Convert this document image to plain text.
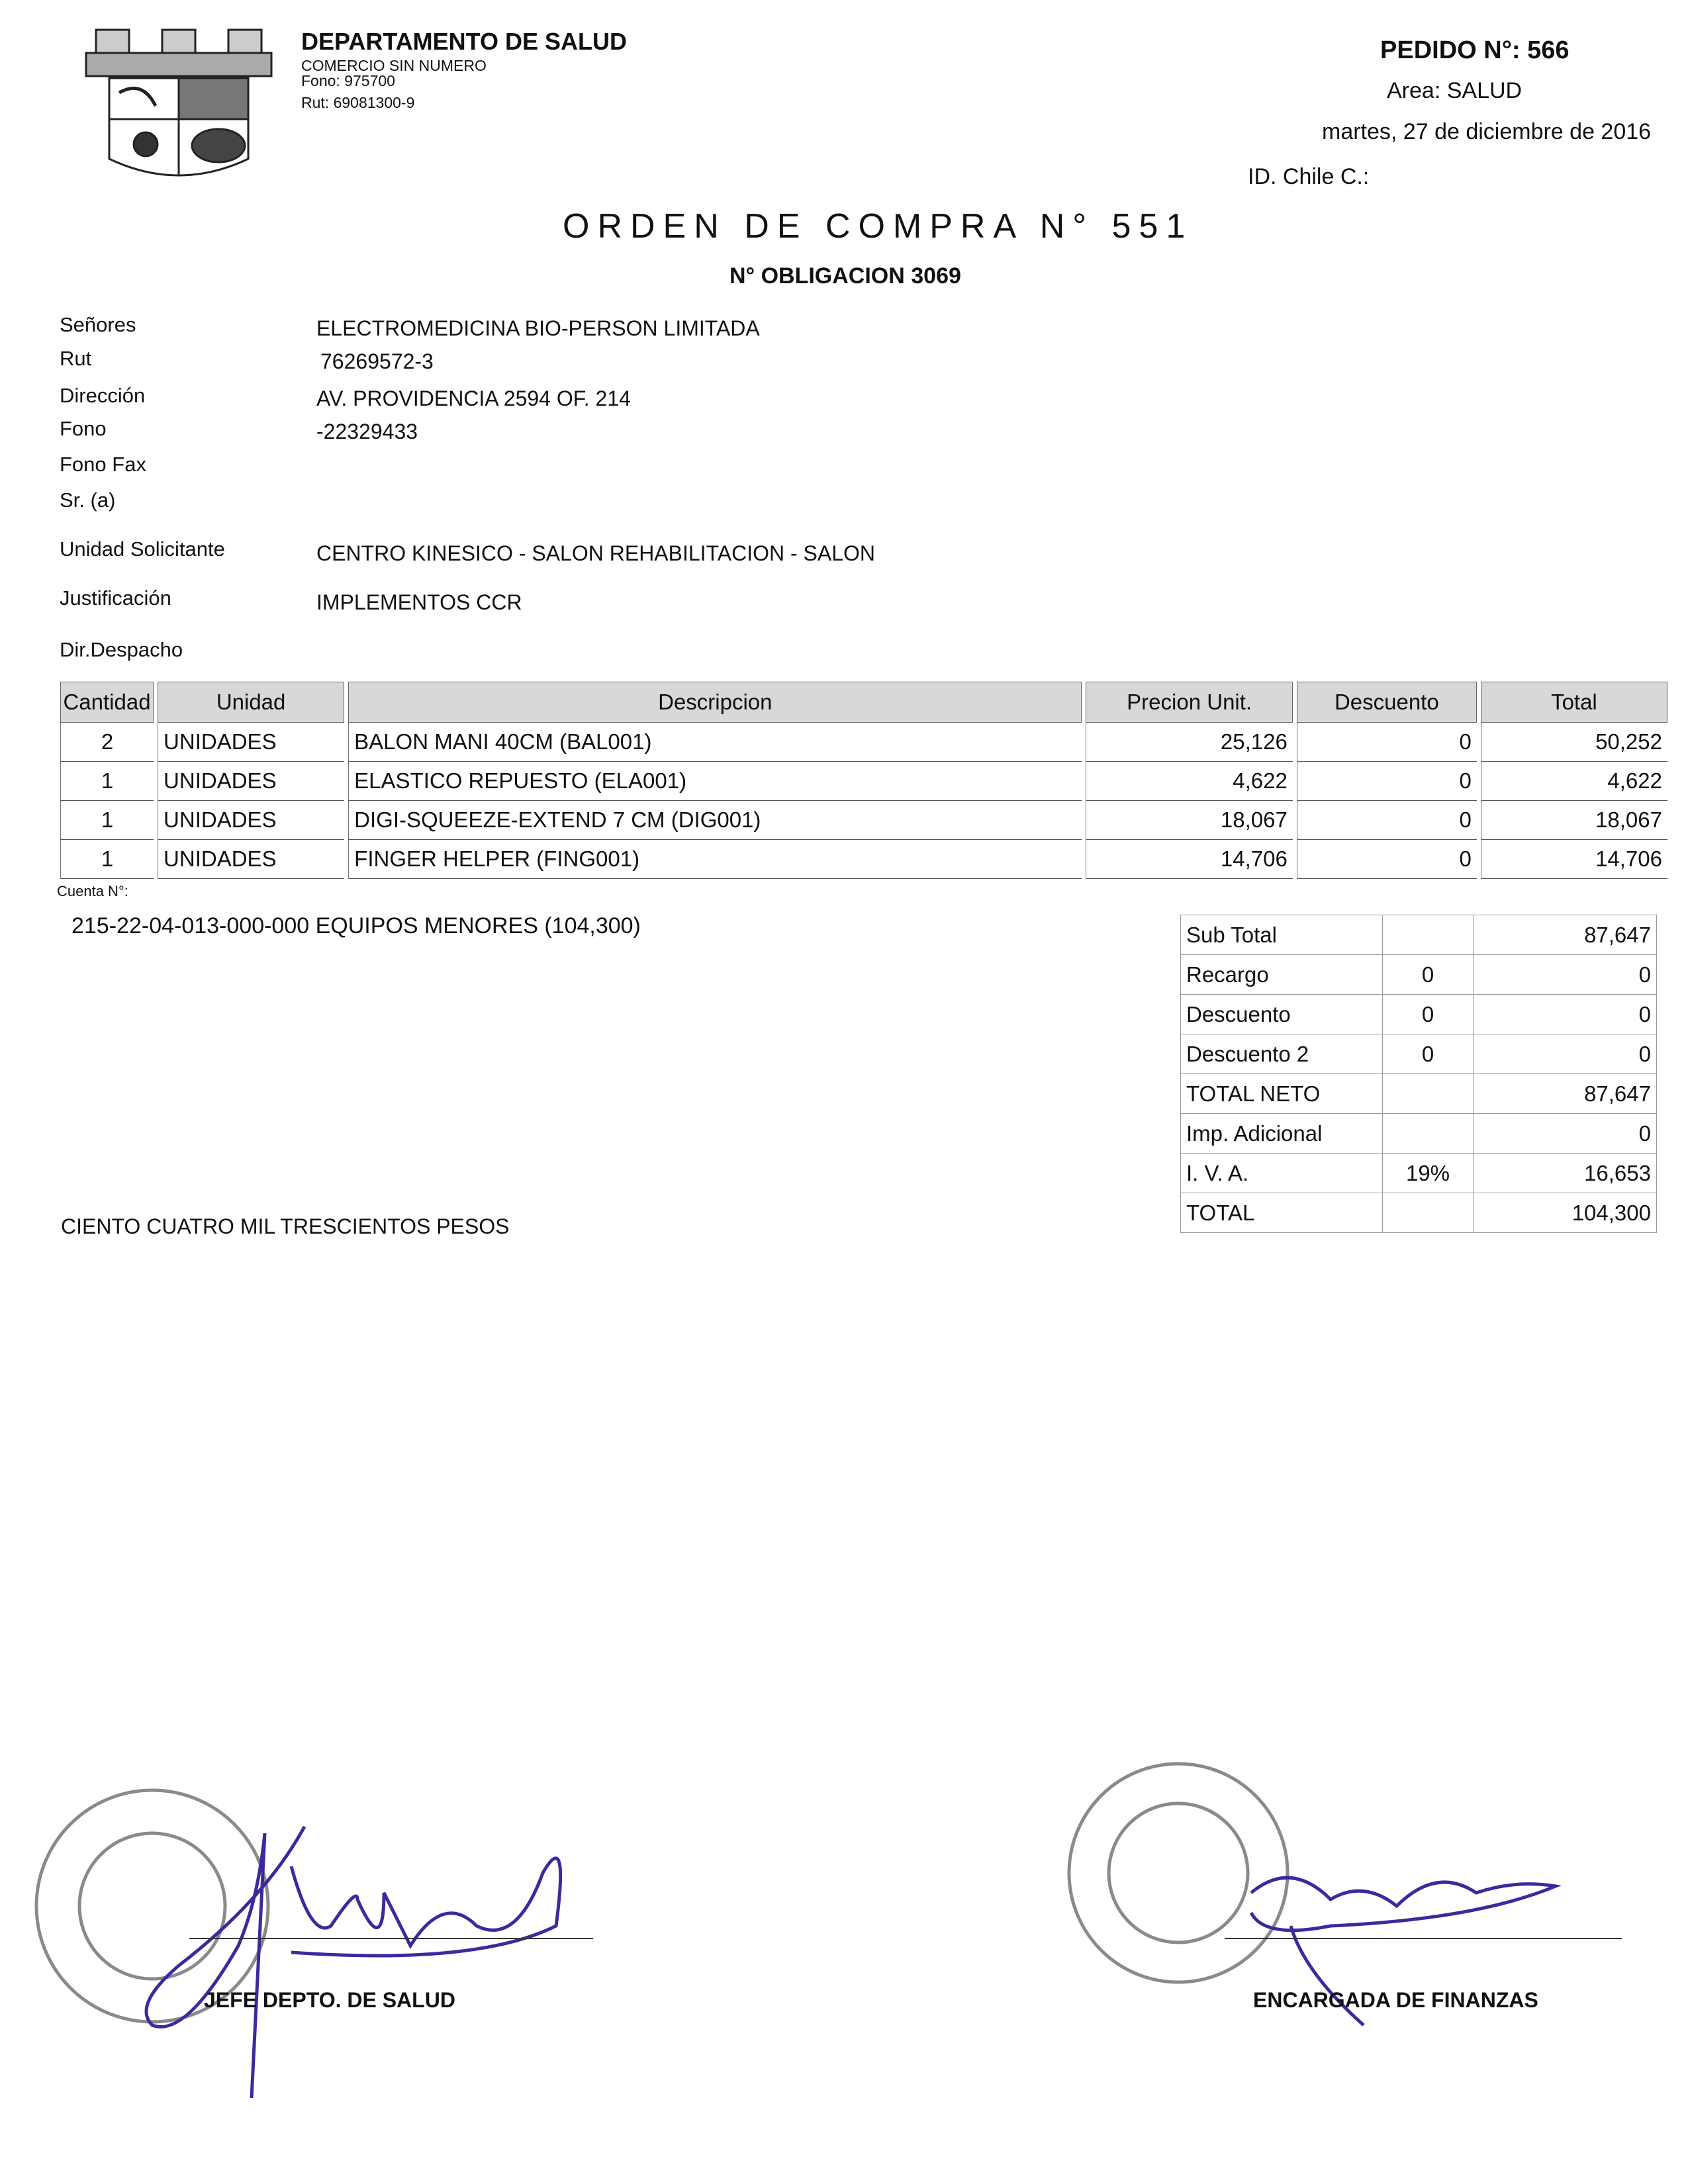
DEPARTAMENTO DE SALUD
COMERCIO SIN NUMERO
Fono: 975700
Rut: 69081300-9
PEDIDO N°: 566
Area: SALUD
martes, 27 de diciembre de 2016
ID. Chile C.:
ORDEN DE COMPRA N° 551
N° OBLIGACION 3069
Señores	ELECTROMEDICINA BIO-PERSON LIMITADA
Rut	76269572-3
Dirección	AV. PROVIDENCIA 2594 OF. 214
Fono	-22329433
Fono Fax
Sr. (a)
Unidad Solicitante	CENTRO KINESICO - SALON REHABILITACION - SALON
Justificación	IMPLEMENTOS CCR
Dir.Despacho
Cantidad	Unidad	Descripcion	Precion Unit.	Descuento	Total
2	UNIDADES	BALON MANI 40CM (BAL001)	25,126	0	50,252
1	UNIDADES	ELASTICO REPUESTO (ELA001)	4,622	0	4,622
1	UNIDADES	DIGI-SQUEEZE-EXTEND 7 CM (DIG001)	18,067	0	18,067
1	UNIDADES	FINGER HELPER (FING001)	14,706	0	14,706
Cuenta N°:
215-22-04-013-000-000 EQUIPOS MENORES (104,300)	Sub Total		87,647
Recargo	0	0
Descuento	0	0
Descuento 2	0	0
TOTAL NETO		87,647
Imp. Adicional		0
I. V. A.	19%	16,653
TOTAL		104,300
CIENTO CUATRO MIL TRESCIENTOS PESOS
JEFE DEPTO. DE SALUD	ENCARGADA DE FINANZAS
